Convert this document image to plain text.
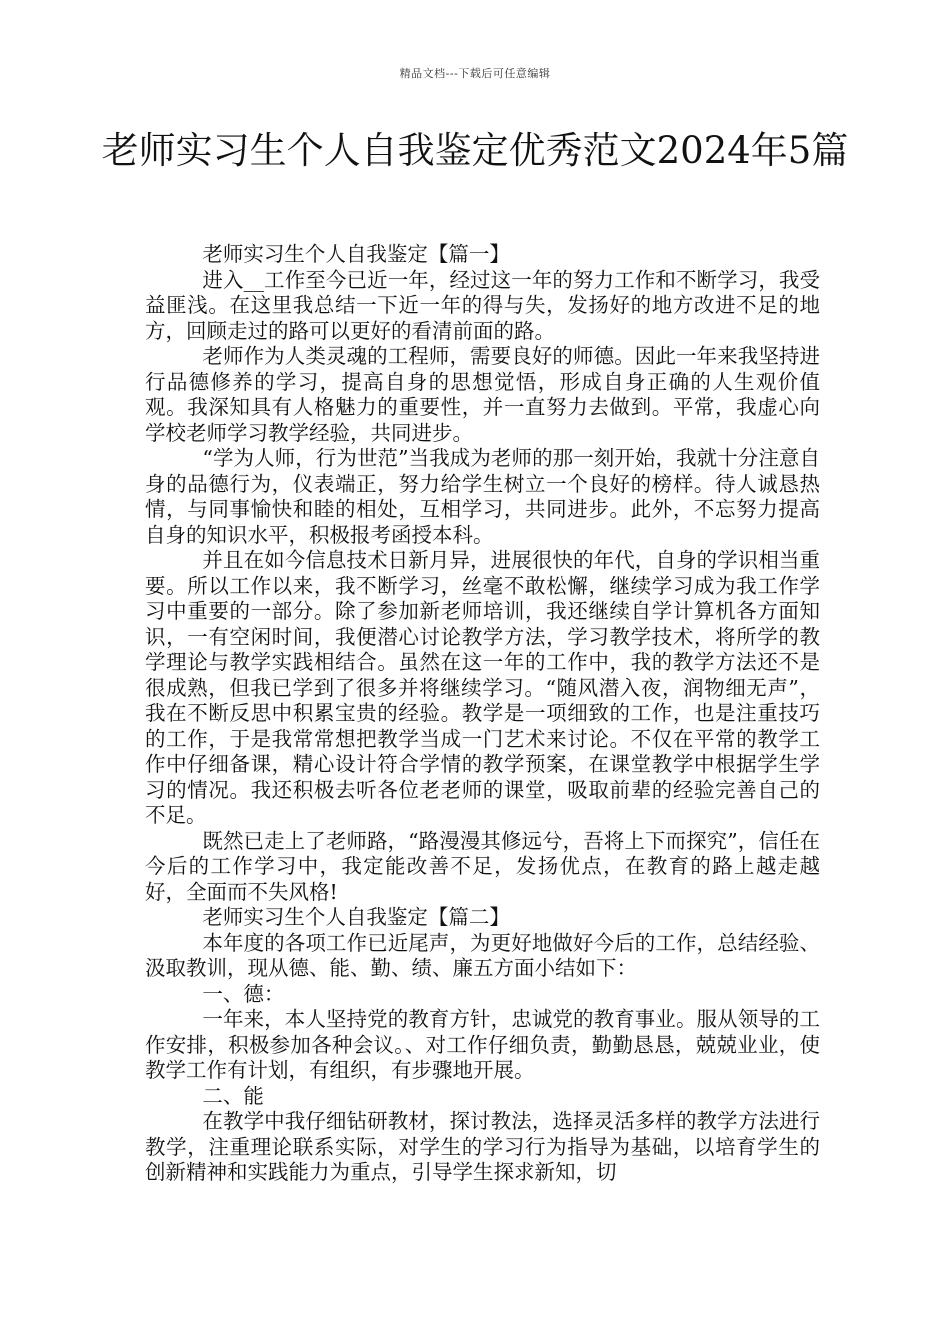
精品文档---下载后可任意编辑
老师实习生个人自我鉴定优秀范文2024年5篇

老师实习生个人自我鉴定【篇一】

进入__工作至今已近一年，经过这一年的努力工作和不断学习，我受益匪浅。在这里我总结一下近一年的得与失，发扬好的地方改进不足的地方，回顾走过的路可以更好的看清前面的路。

老师作为人类灵魂的工程师，需要良好的师德。因此一年来我坚持进行品德修养的学习，提高自身的思想觉悟，形成自身正确的人生观价值观。我深知具有人格魅力的重要性，并一直努力去做到。平常，我虚心向学校老师学习教学经验，共同进步。

“学为人师，行为世范”当我成为老师的那一刻开始，我就十分注意自身的品德行为，仪表端正，努力给学生树立一个良好的榜样。待人诚恳热情，与同事愉快和睦的相处，互相学习，共同进步。此外，不忘努力提高自身的知识水平，积极报考函授本科。

并且在如今信息技术日新月异，进展很快的年代，自身的学识相当重要。所以工作以来，我不断学习，丝毫不敢松懈，继续学习成为我工作学习中重要的一部分。除了参加新老师培训，我还继续自学计算机各方面知识，一有空闲时间，我便潜心讨论教学方法，学习教学技术，将所学的教学理论与教学实践相结合。虽然在这一年的工作中，我的教学方法还不是很成熟，但我已学到了很多并将继续学习。“随风潜入夜，润物细无声”，我在不断反思中积累宝贵的经验。教学是一项细致的工作，也是注重技巧的工作，于是我常常想把教学当成一门艺术来讨论。不仅在平常的教学工作中仔细备课，精心设计符合学情的教学预案，在课堂教学中根据学生学习的情况。我还积极去听各位老老师的课堂，吸取前辈的经验完善自己的不足。

既然已走上了老师路，“路漫漫其修远兮，吾将上下而探究”，信任在今后的工作学习中，我定能改善不足，发扬优点，在教育的路上越走越好，全面而不失风格!

老师实习生个人自我鉴定【篇二】

本年度的各项工作已近尾声，为更好地做好今后的工作，总结经验、汲取教训，现从德、能、勤、绩、廉五方面小结如下：

一、德：

一年来，本人坚持党的教育方针，忠诚党的教育事业。服从领导的工作安排，积极参加各种会议。、对工作仔细负责，勤勤恳恳，兢兢业业，使教学工作有计划，有组织，有步骤地开展。

二、能

在教学中我仔细钻研教材，探讨教法，选择灵活多样的教学方法进行教学，注重理论联系实际，对学生的学习行为指导为基础，以培育学生的创新精神和实践能力为重点，引导学生探求新知，切
